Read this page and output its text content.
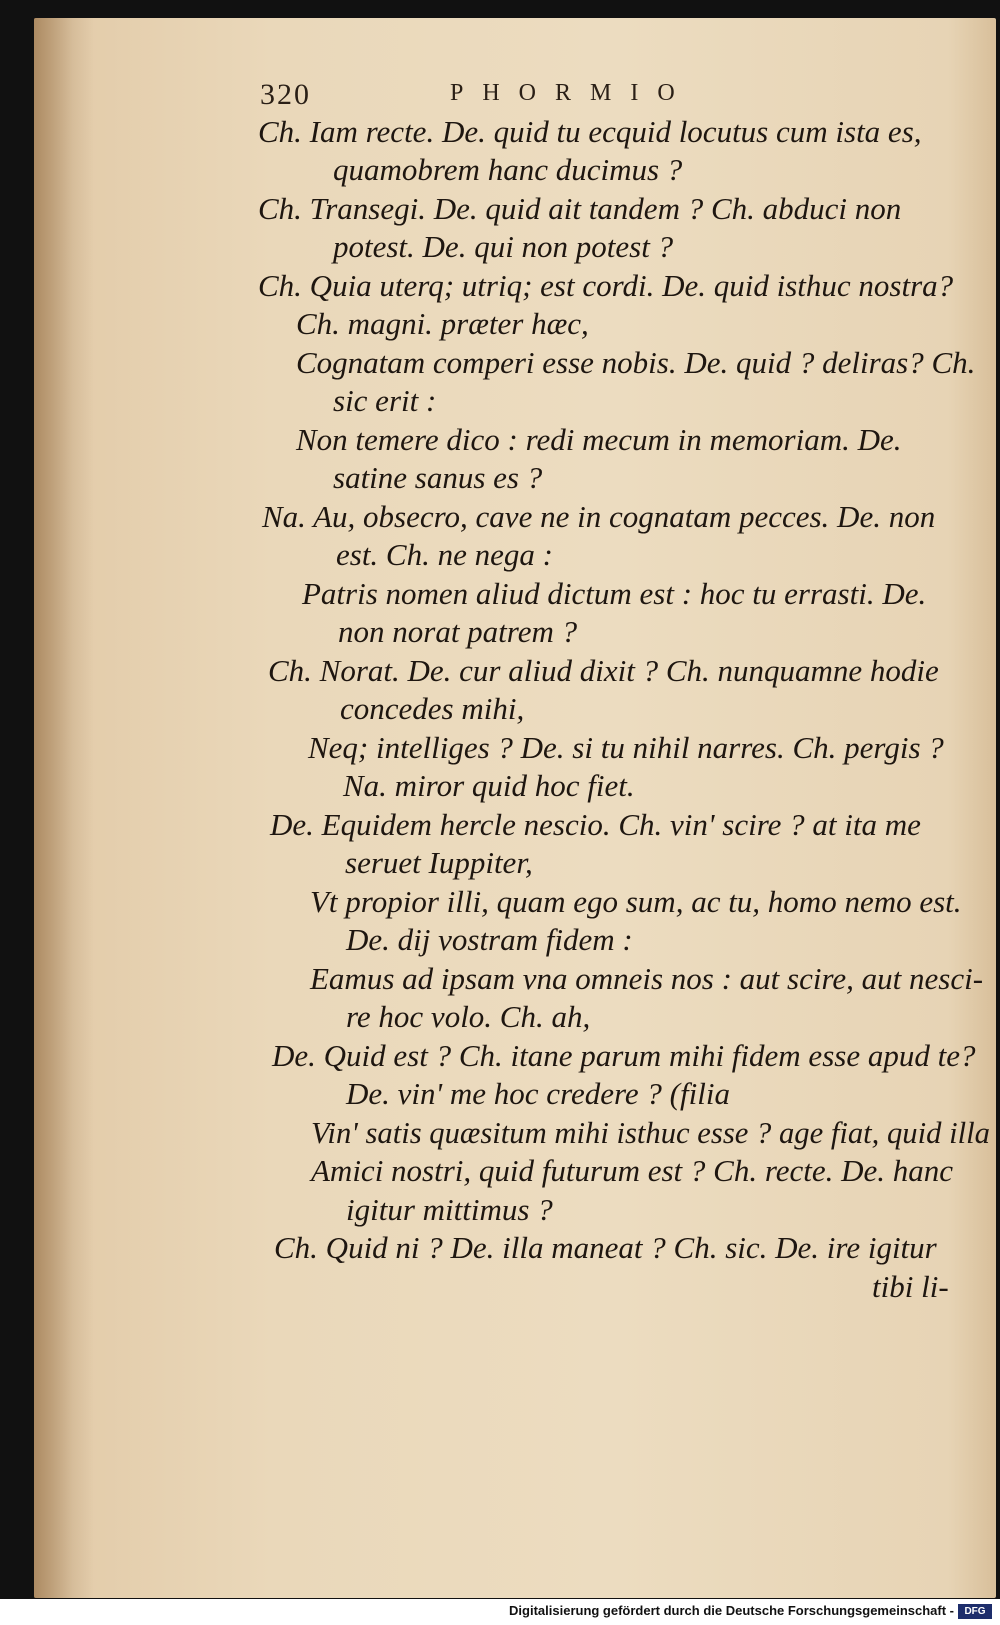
320	PHORMIO
Ch. Iam recte. De. quid tu ecquid locutus cum ista es,
quamobrem hanc ducimus ?
Ch. Transegi. De. quid ait tandem ? Ch. abduci non
potest. De. qui non potest ?
Ch. Quia uterq; utriq; est cordi. De. quid isthuc nostra?
Ch. magni. præter hæc,
Cognatam comperi esse nobis. De. quid ? deliras? Ch.
sic erit :
Non temere dico : redi mecum in memoriam. De.
satine sanus es ?
Na. Au, obsecro, cave ne in cognatam pecces. De. non
est. Ch. ne nega :
Patris nomen aliud dictum est : hoc tu errasti. De.
non norat patrem ?
Ch. Norat. De. cur aliud dixit ? Ch. nunquamne hodie
concedes mihi,
Neq; intelliges ? De. si tu nihil narres. Ch. pergis ?
Na. miror quid hoc fiet.
De. Equidem hercle nescio. Ch. vin' scire ? at ita me
seruet Iuppiter,
Vt propior illi, quam ego sum, ac tu, homo nemo est.
De. dij vostram fidem :
Eamus ad ipsam vna omneis nos : aut scire, aut nesci-
re hoc volo. Ch. ah,
De. Quid est ? Ch. itane parum mihi fidem esse apud te?
De. vin' me hoc credere ? (filia
Vin' satis quæsitum mihi isthuc esse ? age fiat, quid illa
Amici nostri, quid futurum est ? Ch. recte. De. hanc
igitur mittimus ?
Ch. Quid ni ? De. illa maneat ? Ch. sic. De. ire igitur
tibi li-
Digitalisierung gefördert durch die Deutsche Forschungsgemeinschaft -	DFG
